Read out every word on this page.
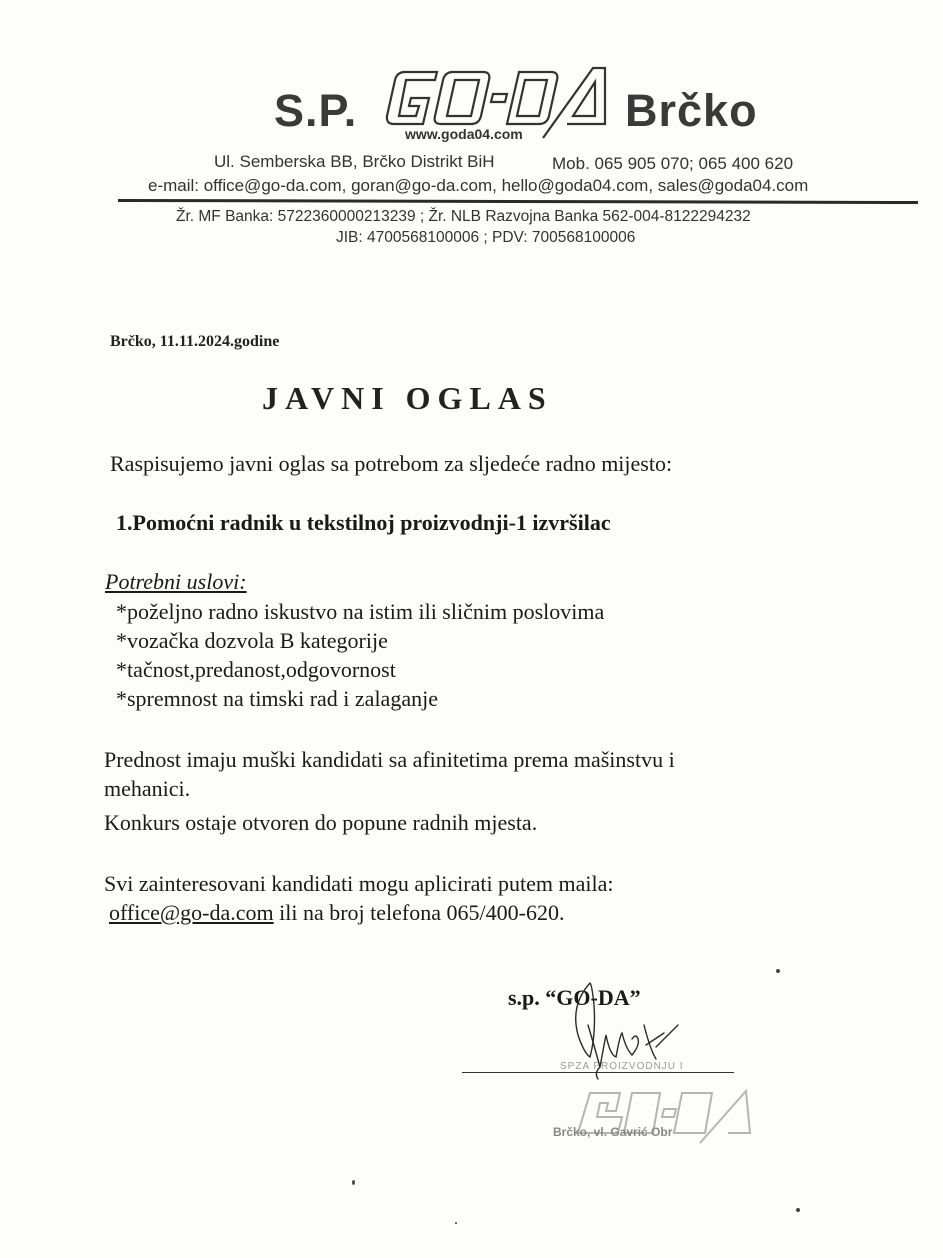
S.P.	www.goda04.com Brčko
Ul. Semberska BB, Brčko Distrikt BiH	Mob. 065 905 070; 065 400 620
e-mail: office@go-da.com, goran@go-da.com, hello@goda04.com, sales@goda04.com
Žr. MF Banka: 5722360000213239 ; Žr. NLB Razvojna Banka 562-004-8122294232
JIB: 4700568100006 ; PDV: 700568100006
Brčko, 11.11.2024.godine
JAVNI OGLAS
Raspisujemo javni oglas sa potrebom za sljedeće radno mijesto:
1.Pomoćni radnik u tekstilnoj proizvodnji-1 izvršilac
Potrebni uslovi:
*poželjno radno iskustvo na istim ili sličnim poslovima
*vozačka dozvola B kategorije
*tačnost,predanost,odgovornost
*spremnost na timski rad i zalaganje
Prednost imaju muški kandidati sa afinitetima prema mašinstvu i
mehanici.
Konkurs ostaje otvoren do popune radnih mjesta.
Svi zainteresovani kandidati mogu aplicirati putem maila:
office@go-da.com ili na broj telefona 065/400-620.
s.p. “GO-DA”
SPZA PROIZVODNJU I
Brčko, vl. Gavrić Obr
